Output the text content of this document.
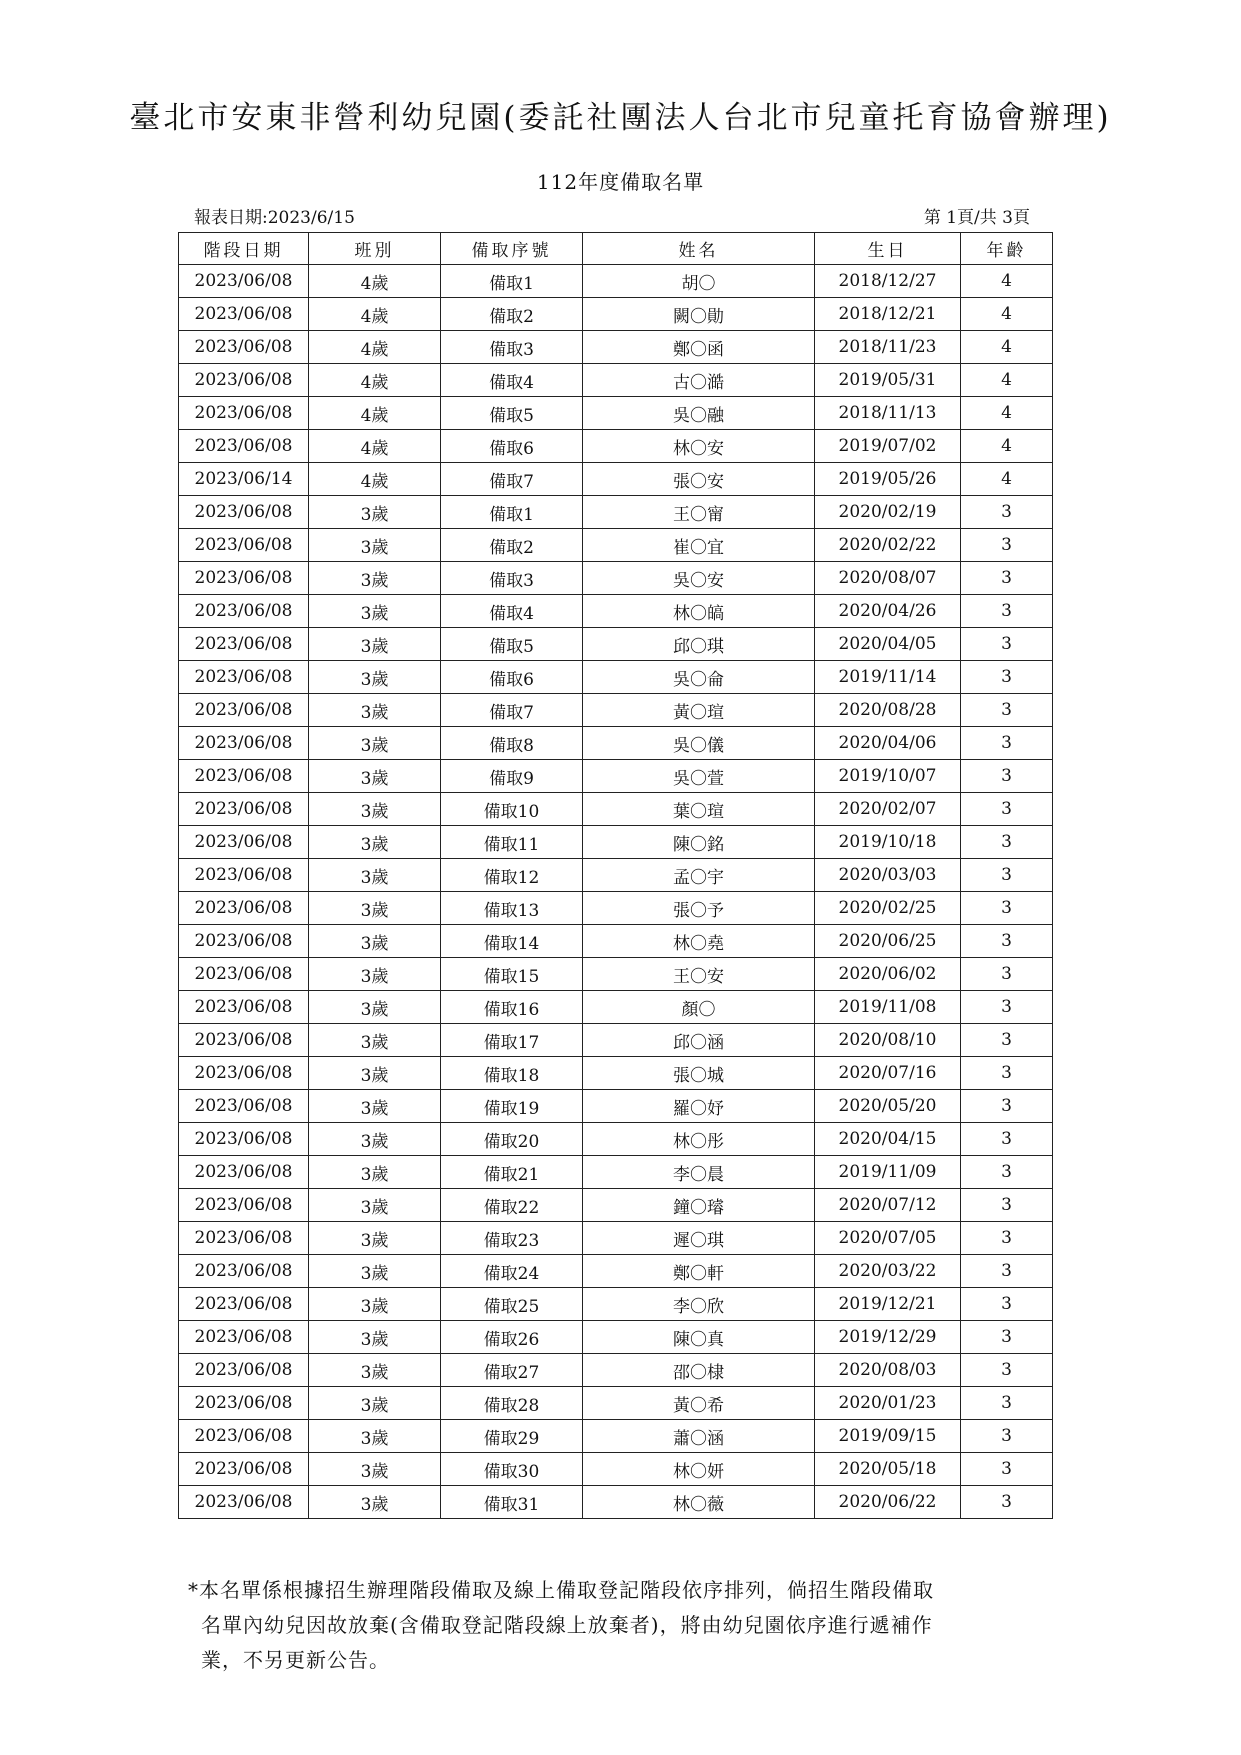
臺北市安東非營利幼兒園(委託社團法人台北市兒童托育協會辦理)
112年度備取名單
報表日期:2023/6/15	第 1頁/共 3頁
階段日期	班別	備取序號	姓名	生日	年齡
2023/06/08	4歲	備取1	胡〇	2018/12/27	4
2023/06/08	4歲	備取2	闕〇勛	2018/12/21	4
2023/06/08	4歲	備取3	鄭〇函	2018/11/23	4
2023/06/08	4歲	備取4	古〇澔	2019/05/31	4
2023/06/08	4歲	備取5	吳〇融	2018/11/13	4
2023/06/08	4歲	備取6	林〇安	2019/07/02	4
2023/06/14	4歲	備取7	張〇安	2019/05/26	4
2023/06/08	3歲	備取1	王〇甯	2020/02/19	3
2023/06/08	3歲	備取2	崔〇宜	2020/02/22	3
2023/06/08	3歲	備取3	吳〇安	2020/08/07	3
2023/06/08	3歲	備取4	林〇皜	2020/04/26	3
2023/06/08	3歲	備取5	邱〇琪	2020/04/05	3
2023/06/08	3歲	備取6	吳〇侖	2019/11/14	3
2023/06/08	3歲	備取7	黃〇瑄	2020/08/28	3
2023/06/08	3歲	備取8	吳〇儀	2020/04/06	3
2023/06/08	3歲	備取9	吳〇萱	2019/10/07	3
2023/06/08	3歲	備取10	葉〇瑄	2020/02/07	3
2023/06/08	3歲	備取11	陳〇銘	2019/10/18	3
2023/06/08	3歲	備取12	孟〇宇	2020/03/03	3
2023/06/08	3歲	備取13	張〇予	2020/02/25	3
2023/06/08	3歲	備取14	林〇堯	2020/06/25	3
2023/06/08	3歲	備取15	王〇安	2020/06/02	3
2023/06/08	3歲	備取16	顏〇	2019/11/08	3
2023/06/08	3歲	備取17	邱〇涵	2020/08/10	3
2023/06/08	3歲	備取18	張〇城	2020/07/16	3
2023/06/08	3歲	備取19	羅〇妤	2020/05/20	3
2023/06/08	3歲	備取20	林〇彤	2020/04/15	3
2023/06/08	3歲	備取21	李〇晨	2019/11/09	3
2023/06/08	3歲	備取22	鐘〇璿	2020/07/12	3
2023/06/08	3歲	備取23	遲〇琪	2020/07/05	3
2023/06/08	3歲	備取24	鄭〇軒	2020/03/22	3
2023/06/08	3歲	備取25	李〇欣	2019/12/21	3
2023/06/08	3歲	備取26	陳〇真	2019/12/29	3
2023/06/08	3歲	備取27	邵〇棣	2020/08/03	3
2023/06/08	3歲	備取28	黃〇希	2020/01/23	3
2023/06/08	3歲	備取29	蕭〇涵	2019/09/15	3
2023/06/08	3歲	備取30	林〇妍	2020/05/18	3
2023/06/08	3歲	備取31	林〇薇	2020/06/22	3
*本名單係根據招生辦理階段備取及線上備取登記階段依序排列，倘招生階段備取
名單內幼兒因故放棄(含備取登記階段線上放棄者)，將由幼兒園依序進行遞補作
業，不另更新公告。
